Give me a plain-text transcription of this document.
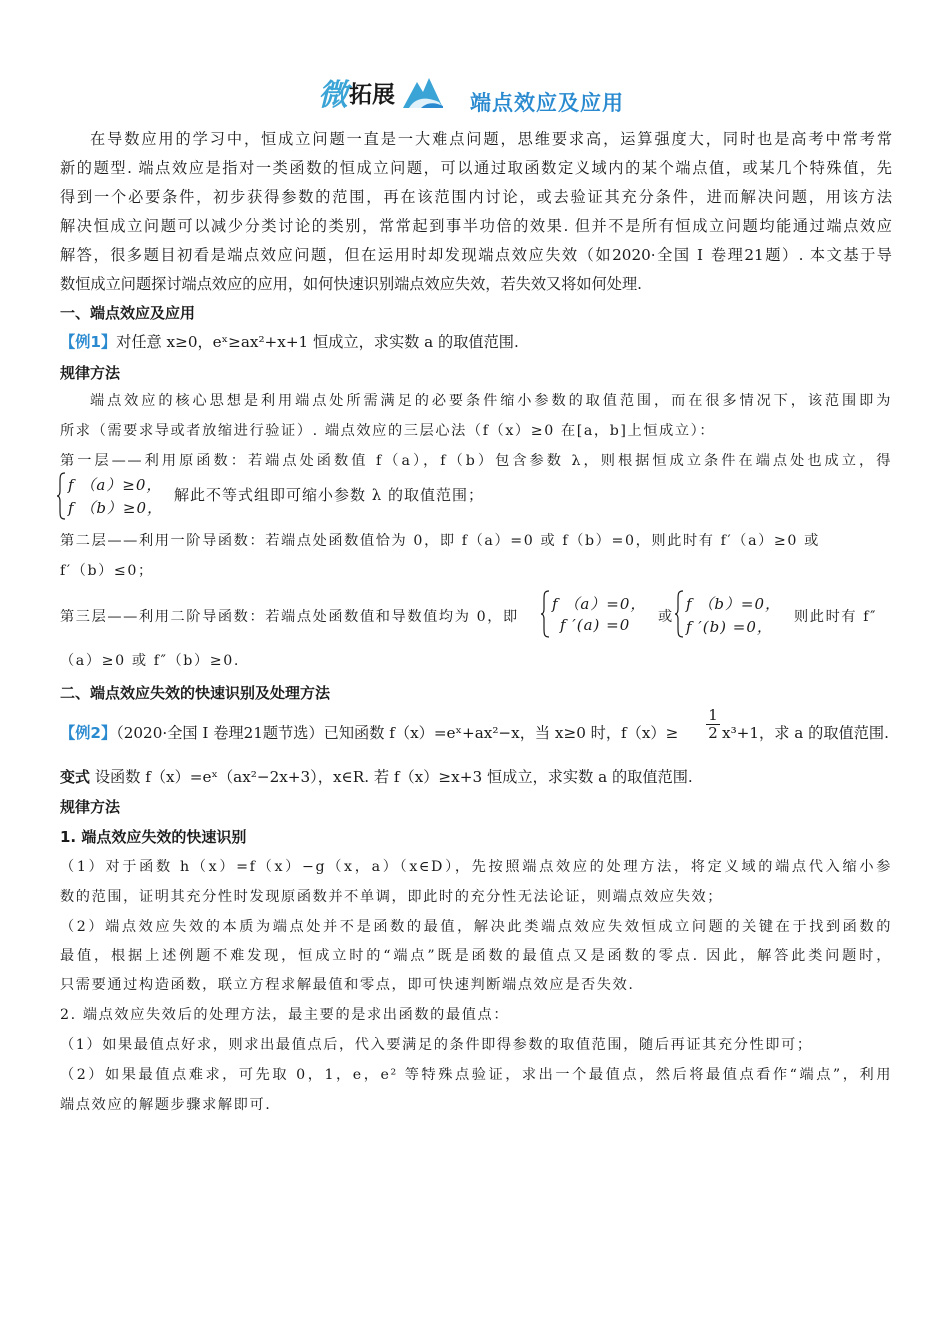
微 拓展	端点效应及应用
在导数应用的学习中，恒成立问题一直是一大难点问题，思维要求高，运算强度大，同时也是高考中常考常
新的题型. 端点效应是指对一类函数的恒成立问题，可以通过取函数定义域内的某个端点值，或某几个特殊值，先
得到一个必要条件，初步获得参数的范围，再在该范围内讨论，或去验证其充分条件，进而解决问题，用该方法
解决恒成立问题可以减少分类讨论的类别，常常起到事半功倍的效果. 但并不是所有恒成立问题均能通过端点效应
解答，很多题目初看是端点效应问题，但在运用时却发现端点效应失效（如2020·全国 Ⅰ 卷理21题）. 本文基于导
数恒成立问题探讨端点效应的应用，如何快速识别端点效应失效，若失效又将如何处理.
一、端点效应及应用
【例1】对任意 x≥0，eˣ≥ax²+x+1 恒成立，求实数 a 的取值范围.
规律方法
端点效应的核心思想是利用端点处所需满足的必要条件缩小参数的取值范围，而在很多情况下，该范围即为
所求（需要求导或者放缩进行验证）. 端点效应的三层心法（f（x）≥0 在[a，b]上恒成立）：
第一层——利用原函数：若端点处函数值 f（a），f（b）包含参数 λ，则根据恒成立条件在端点处也成立，得
f （a）≥0，
f （b）≥0，
解此不等式组即可缩小参数 λ 的取值范围；
第二层——利用一阶导函数：若端点处函数值恰为 0，即 f（a）=0 或 f（b）=0，则此时有 f′（a）≥0 或
f′（b）≤0；
第三层——利用二阶导函数：若端点处函数值和导数值均为 0，即
f （a）=0，
f ′(a) =0 或
f （b）=0，
f ′(b) =0，
则此时有 f″
（a）≥0 或 f″（b）≥0.
二、端点效应失效的快速识别及处理方法
【例2】（2020·全国 Ⅰ 卷理21题节选）已知函数 f（x）=eˣ+ax²−x，当 x≥0 时，f（x）≥
1
2 x³+1，求 a 的取值范围.
变式 设函数 f（x）=eˣ（ax²−2x+3），x∈R. 若 f（x）≥x+3 恒成立，求实数 a 的取值范围.
规律方法
1. 端点效应失效的快速识别
（1）对于函数 h（x）=f（x）−g（x，a）（x∈D），先按照端点效应的处理方法，将定义域的端点代入缩小参
数的范围，证明其充分性时发现原函数并不单调，即此时的充分性无法论证，则端点效应失效；
（2）端点效应失效的本质为端点处并不是函数的最值，解决此类端点效应失效恒成立问题的关键在于找到函数的
最值，根据上述例题不难发现，恒成立时的“端点”既是函数的最值点又是函数的零点. 因此，解答此类问题时，
只需要通过构造函数，联立方程求解最值和零点，即可快速判断端点效应是否失效.
2. 端点效应失效后的处理方法，最主要的是求出函数的最值点：
（1）如果最值点好求，则求出最值点后，代入要满足的条件即得参数的取值范围，随后再证其充分性即可；
（2）如果最值点难求，可先取 0，1，e，e² 等特殊点验证，求出一个最值点，然后将最值点看作“端点”，利用
端点效应的解题步骤求解即可.
